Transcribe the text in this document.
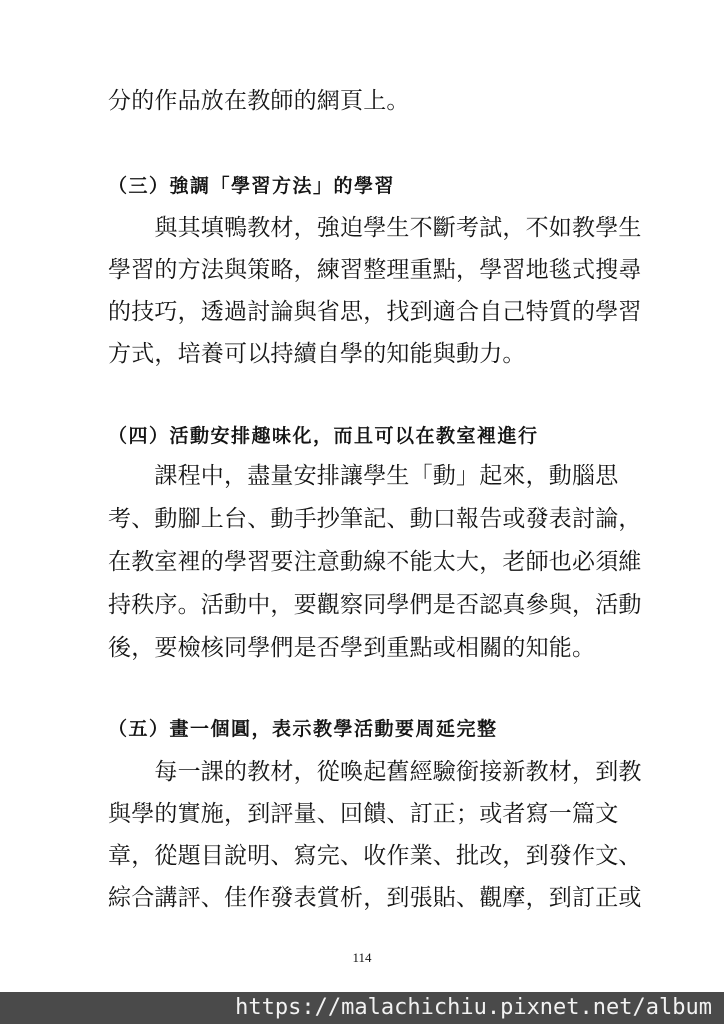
分的作品放在教師的網頁上。
（三）強調「學習方法」的學習
　　與其填鴨教材，強迫學生不斷考試，不如教學生
學習的方法與策略，練習整理重點，學習地毯式搜尋
的技巧，透過討論與省思，找到適合自己特質的學習
方式，培養可以持續自學的知能與動力。
（四）活動安排趣味化，而且可以在教室裡進行
　　課程中，盡量安排讓學生「動」起來，動腦思
考、動腳上台、動手抄筆記、動口報告或發表討論，
在教室裡的學習要注意動線不能太大，老師也必須維
持秩序。活動中，要觀察同學們是否認真參與，活動
後，要檢核同學們是否學到重點或相關的知能。
（五）畫一個圓，表示教學活動要周延完整
　　每一課的教材，從喚起舊經驗銜接新教材，到教
與學的實施，到評量、回饋、訂正；或者寫一篇文
章，從題目說明、寫完、收作業、批改，到發作文、
綜合講評、佳作發表賞析，到張貼、觀摩，到訂正或
114
https://malachichiu.pixnet.net/album
